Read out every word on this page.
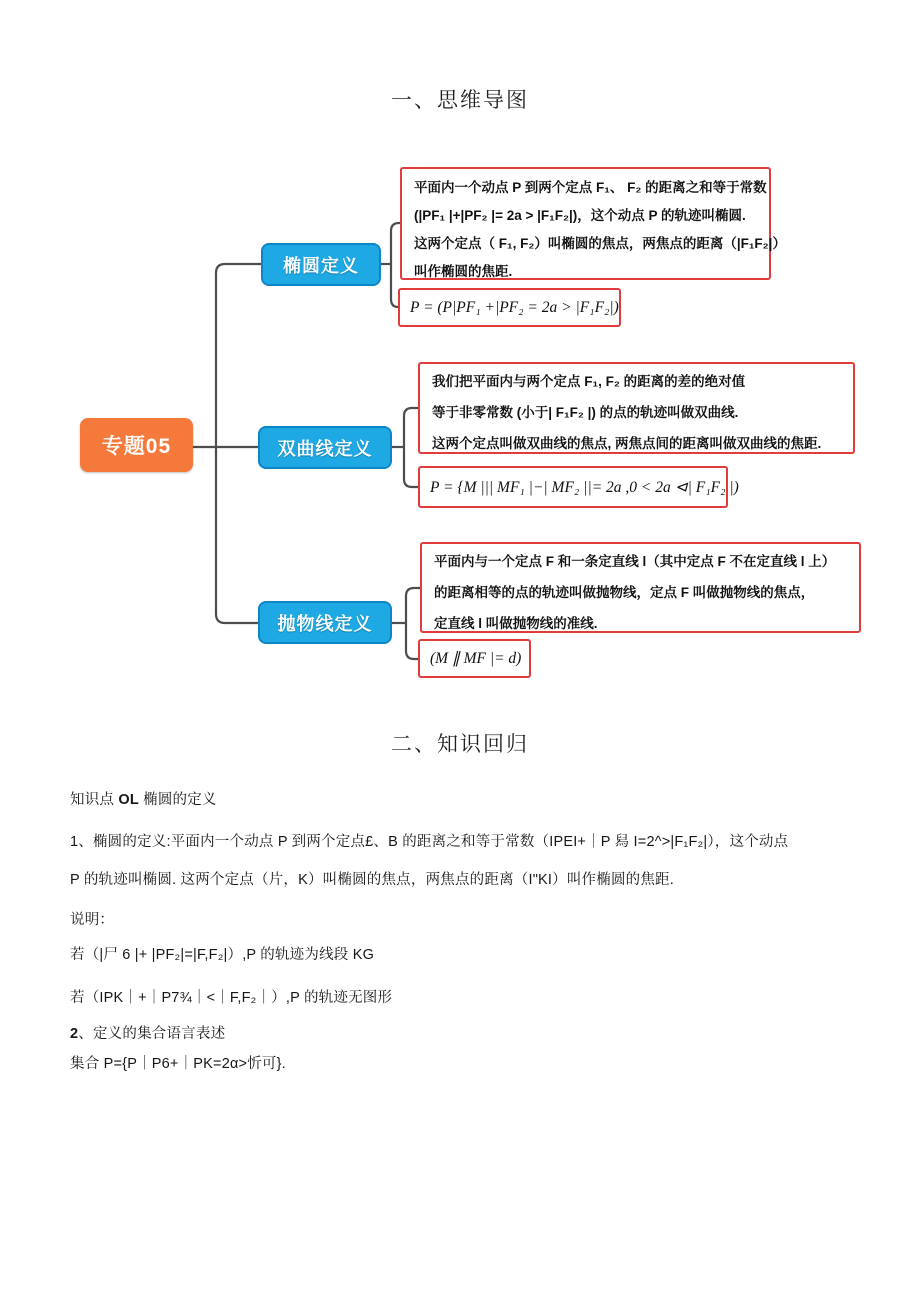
一、思维导图
专题05
椭圆定义
双曲线定义
抛物线定义
平面内一个动点 P 到两个定点 F₁、 F₂ 的距离之和等于常数
(|PF₁ |+|PF₂ |= 2a > |F₁F₂|)，这个动点 P 的轨迹叫椭圆.
这两个定点（ F₁, F₂）叫椭圆的焦点，两焦点的距离（|F₁F₂|）
叫作椭圆的焦距.
P = (P|PF₁ +|PF₂ = 2a > |F₁F₂|)
我们把平面内与两个定点 F₁, F₂ 的距离的差的绝对值
等于非零常数 (小于| F₁F₂ |) 的点的轨迹叫做双曲线.
这两个定点叫做双曲线的焦点, 两焦点间的距离叫做双曲线的焦距.
P = {M ||| MF₁ |−| MF₂ ||= 2a ,0 < 2a ⊲| F₁F₂ |)
平面内与一个定点 F 和一条定直线 l（其中定点 F 不在定直线 l 上）
的距离相等的点的轨迹叫做抛物线，定点 F 叫做抛物线的焦点，
定直线 l 叫做抛物线的准线.
(M ∥ MF |= d)
二、知识回归
知识点 OL 椭圆的定义
1、椭圆的定义:平面内一个动点 P 到两个定点£、B 的距离之和等于常数（IPEI+｜P 舄 I=2^>|F₁F₂|），这个动点
P 的轨迹叫椭圆. 这两个定点（片，K）叫椭圆的焦点，两焦点的距离（I"KI）叫作椭圆的焦距.
说明：
若（|尸 6 |+ |PF₂|=|F,F₂|）,P 的轨迹为线段 KG
若（IPK｜+｜P7¾｜<｜F,F₂｜）,P 的轨迹无图形
2、定义的集合语言表述
集合 P={P｜P6+｜PK=2α>忻可}.
